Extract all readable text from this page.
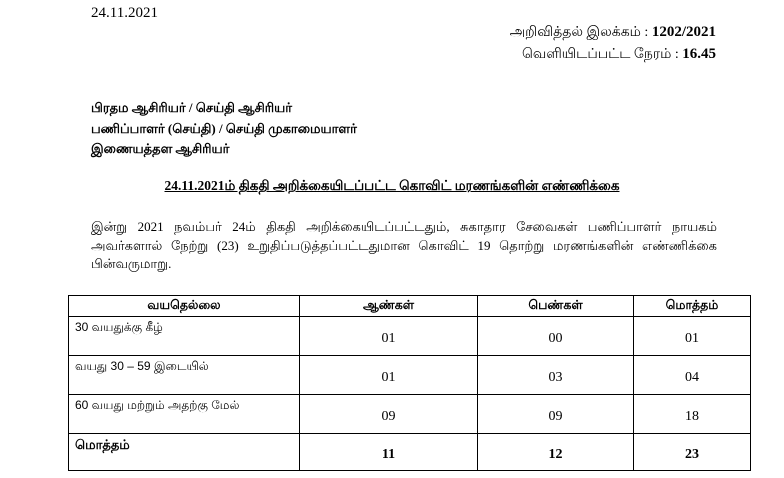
24.11.2021
அறிவித்தல் இலக்கம் : 1202/2021
வெளியிடப்பட்ட நேரம் : 16.45
பிரதம ஆசிரியர் / செய்தி ஆசிரியர்
பணிப்பாளர் (செய்தி) / செய்தி முகாமையாளர்
இணையத்தள ஆசிரியர்
24.11.2021ம் திகதி அறிக்கையிடப்பட்ட கொவிட் மரணங்களின் எண்ணிக்கை
இன்று 2021 நவம்பர் 24ம் திகதி அறிக்கையிடப்பட்டதும், சுகாதார சேவைகள் பணிப்பாளர் நாயகம் அவர்களால் நேற்று (23) உறுதிப்படுத்தப்பட்டதுமான கொவிட் 19 தொற்று மரணங்களின் எண்ணிக்கை பின்வருமாறு.
வயதெல்லை	ஆண்கள்	பெண்கள்	மொத்தம்
30 வயதுக்கு கீழ்	01	00	01
வயது 30 – 59 இடையில்	01	03	04
60 வயது மற்றும் அதற்கு மேல்	09	09	18
மொத்தம்	11	12	23
